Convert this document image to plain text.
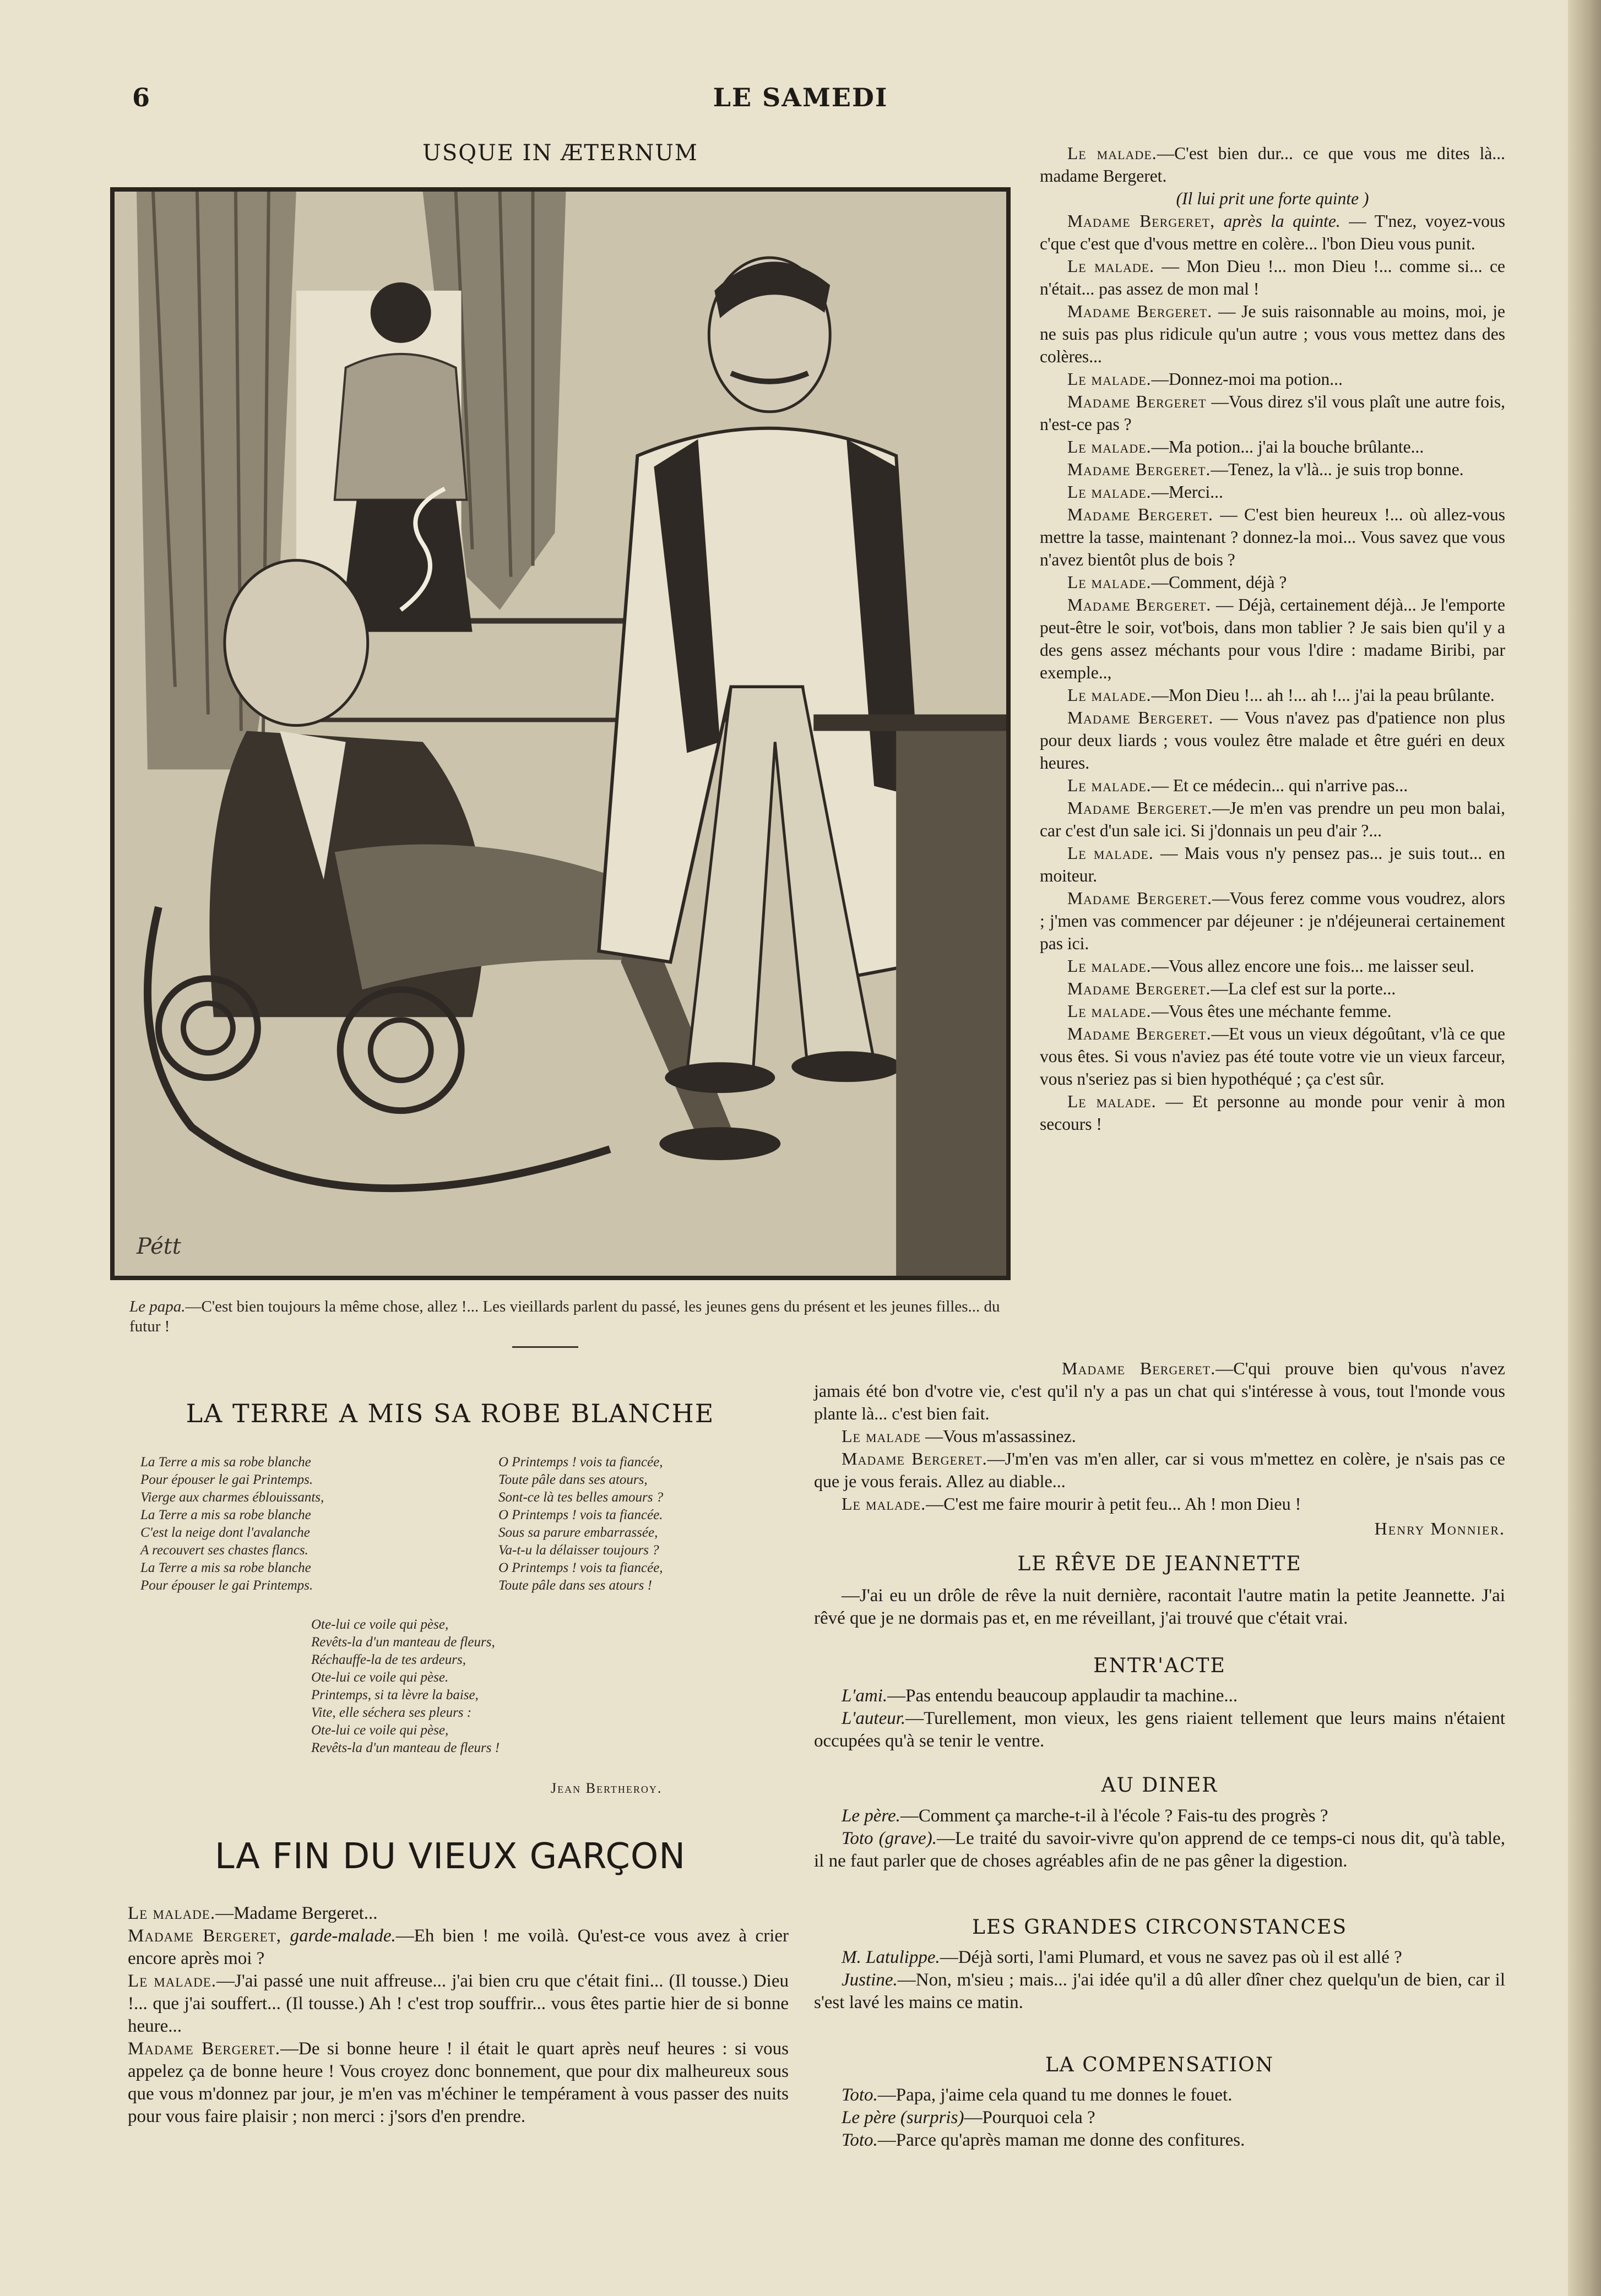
6	LE SAMEDI
USQUE IN ÆTERNUM
Pétt
Le papa.—C'est bien toujours la même chose, allez !... Les vieillards parlent du passé, les jeunes gens du présent et les jeunes filles... du futur !
LA TERRE A MIS SA ROBE BLANCHE
La Terre a mis sa robe blanche
Pour épouser le gai Printemps.
Vierge aux charmes éblouissants,
La Terre a mis sa robe blanche
C'est la neige dont l'avalanche
A recouvert ses chastes flancs.
La Terre a mis sa robe blanche
Pour épouser le gai Printemps.
O Printemps ! vois ta fiancée,
Toute pâle dans ses atours,
Sont-ce là tes belles amours ?
O Printemps ! vois ta fiancée.
Sous sa parure embarrassée,
Va-t-u la délaisser toujours ?
O Printemps ! vois ta fiancée,
Toute pâle dans ses atours !
Ote-lui ce voile qui pèse,
Revêts-la d'un manteau de fleurs,
Réchauffe-la de tes ardeurs,
Ote-lui ce voile qui pèse.
Printemps, si ta lèvre la baise,
Vite, elle séchera ses pleurs :
Ote-lui ce voile qui pèse,
Revêts-la d'un manteau de fleurs !
Jean Bertheroy.
LA FIN DU VIEUX GARÇON

Le malade.—Madame Bergeret...

Madame Bergeret, garde-malade.—Eh bien ! me voilà. Qu'est-ce vous avez à crier encore après moi ?

Le malade.—J'ai passé une nuit affreuse... j'ai bien cru que c'était fini... (Il tousse.) Dieu !... que j'ai souffert... (Il tousse.) Ah ! c'est trop souffrir... vous êtes partie hier de si bonne heure...

Madame Bergeret.—De si bonne heure ! il était le quart après neuf heures : si vous appelez ça de bonne heure ! Vous croyez donc bonnement, que pour dix malheureux sous que vous m'donnez par jour, je m'en vas m'échiner le tempérament à vous passer des nuits pour vous faire plaisir ; non merci : j'sors d'en prendre.

Le malade.—C'est bien dur... ce que vous me dites là... madame Bergeret.

(Il lui prit une forte quinte )

Madame Bergeret, après la quinte. — T'nez, voyez-vous c'que c'est que d'vous mettre en colère... l'bon Dieu vous punit.

Le malade. — Mon Dieu !... mon Dieu !... comme si... ce n'était... pas assez de mon mal !

Madame Bergeret. — Je suis raisonnable au moins, moi, je ne suis pas plus ridicule qu'un autre ; vous vous mettez dans des colères...

Le malade.—Donnez-moi ma potion...

Madame Bergeret —Vous direz s'il vous plaît une autre fois, n'est-ce pas ?

Le malade.—Ma potion... j'ai la bouche brûlante...

Madame Bergeret.—Tenez, la v'là... je suis trop bonne.

Le malade.—Merci...

Madame Bergeret. — C'est bien heureux !... où allez-vous mettre la tasse, maintenant ? donnez-la moi... Vous savez que vous n'avez bientôt plus de bois ?

Le malade.—Comment, déjà ?

Madame Bergeret. — Déjà, certainement déjà... Je l'emporte peut-être le soir, vot'bois, dans mon tablier ? Je sais bien qu'il y a des gens assez méchants pour vous l'dire : madame Biribi, par exemple..,

Le malade.—Mon Dieu !... ah !... ah !... j'ai la peau brûlante.

Madame Bergeret. — Vous n'avez pas d'patience non plus pour deux liards ; vous voulez être malade et être guéri en deux heures.

Le malade.— Et ce médecin... qui n'arrive pas...

Madame Bergeret.—Je m'en vas prendre un peu mon balai, car c'est d'un sale ici. Si j'donnais un peu d'air ?...

Le malade. — Mais vous n'y pensez pas... je suis tout... en moiteur.

Madame Bergeret.—Vous ferez comme vous voudrez, alors ; j'men vas commencer par déjeuner : je n'déjeunerai certainement pas ici.

Le malade.—Vous allez encore une fois... me laisser seul.

Madame Bergeret.—La clef est sur la porte...

Le malade.—Vous êtes une méchante femme.

Madame Bergeret.—Et vous un vieux dégoûtant, v'là ce que vous êtes. Si vous n'aviez pas été toute votre vie un vieux farceur, vous n'seriez pas si bien hypothéqué ; ça c'est sûr.

Le malade. — Et personne au monde pour venir à mon secours !

Madame Bergeret.—C'qui prouve bien qu'vous n'avez jamais été bon d'votre vie, c'est qu'il n'y a pas un chat qui s'intéresse à vous, tout l'monde vous plante là... c'est bien fait.

Le malade —Vous m'assassinez.

Madame Bergeret.—J'm'en vas m'en aller, car si vous m'mettez en colère, je n'sais pas ce que je vous ferais. Allez au diable...

Le malade.—C'est me faire mourir à petit feu... Ah ! mon Dieu !

Henry Monnier.

LE RÊVE DE JEANNETTE

—J'ai eu un drôle de rêve la nuit dernière, racontait l'autre matin la petite Jeannette. J'ai rêvé que je ne dormais pas et, en me réveillant, j'ai trouvé que c'était vrai.

ENTR'ACTE

L'ami.—Pas entendu beaucoup applaudir ta machine...

L'auteur.—Turellement, mon vieux, les gens riaient tellement que leurs mains n'étaient occupées qu'à se tenir le ventre.

AU DINER

Le père.—Comment ça marche-t-il à l'école ? Fais-tu des progrès ?

Toto (grave).—Le traité du savoir-vivre qu'on apprend de ce temps-ci nous dit, qu'à table, il ne faut parler que de choses agréables afin de ne pas gêner la digestion.

LES GRANDES CIRCONSTANCES

M. Latulippe.—Déjà sorti, l'ami Plumard, et vous ne savez pas où il est allé ?

Justine.—Non, m'sieu ; mais... j'ai idée qu'il a dû aller dîner chez quelqu'un de bien, car il s'est lavé les mains ce matin.

LA COMPENSATION

Toto.—Papa, j'aime cela quand tu me donnes le fouet.

Le père (surpris)—Pourquoi cela ?

Toto.—Parce qu'après maman me donne des confitures.
